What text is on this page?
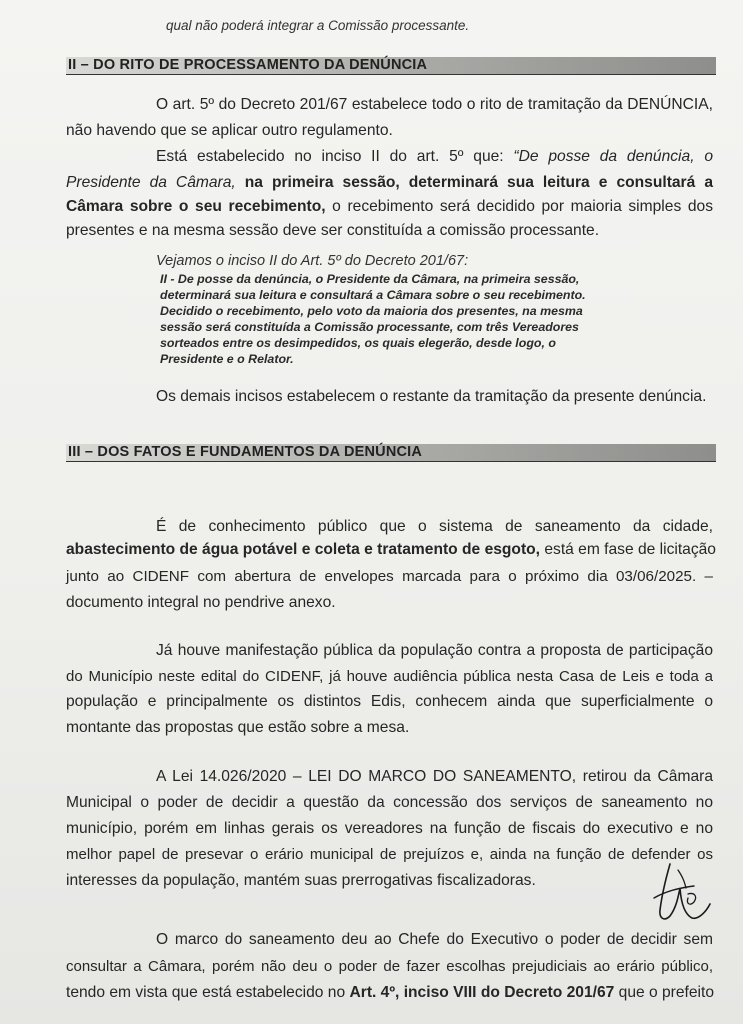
qual não poderá integrar a Comissão processante.
II – DO RITO DE PROCESSAMENTO DA DENÚNCIA
O art. 5º do Decreto 201/67 estabelece todo o rito de tramitação da DENÚNCIA,
não havendo que se aplicar outro regulamento.
Está estabelecido no inciso II do art. 5º que: “De posse da denúncia, o
Presidente da Câmara, na primeira sessão, determinará sua leitura e consultará a
Câmara sobre o seu recebimento, o recebimento será decidido por maioria simples dos
presentes e na mesma sessão deve ser constituída a comissão processante.
Vejamos o inciso II do Art. 5º do Decreto 201/67:
II - De posse da denúncia, o Presidente da Câmara, na primeira sessão,
determinará sua leitura e consultará a Câmara sobre o seu recebimento.
Decidido o recebimento, pelo voto da maioria dos presentes, na mesma
sessão será constituída a Comissão processante, com três Vereadores
sorteados entre os desimpedidos, os quais elegerão, desde logo, o
Presidente e o Relator.
Os demais incisos estabelecem o restante da tramitação da presente denúncia.
III – DOS FATOS E FUNDAMENTOS DA DENÚNCIA
É de conhecimento público que o sistema de saneamento da cidade,
abastecimento de água potável e coleta e tratamento de esgoto, está em fase de licitação
junto ao CIDENF com abertura de envelopes marcada para o próximo dia 03/06/2025. –
documento integral no pendrive anexo.
Já houve manifestação pública da população contra a proposta de participação
do Município neste edital do CIDENF, já houve audiência pública nesta Casa de Leis e toda a
população e principalmente os distintos Edis, conhecem ainda que superficialmente o
montante das propostas que estão sobre a mesa.
A Lei 14.026/2020 – LEI DO MARCO DO SANEAMENTO, retirou da Câmara
Municipal o poder de decidir a questão da concessão dos serviços de saneamento no
município, porém em linhas gerais os vereadores na função de fiscais do executivo e no
melhor papel de presevar o erário municipal de prejuízos e, ainda na função de defender os
interesses da população, mantém suas prerrogativas fiscalizadoras.
O marco do saneamento deu ao Chefe do Executivo o poder de decidir sem
consultar a Câmara, porém não deu o poder de fazer escolhas prejudiciais ao erário público,
tendo em vista que está estabelecido no Art. 4º, inciso VIII do Decreto 201/67 que o prefeito
